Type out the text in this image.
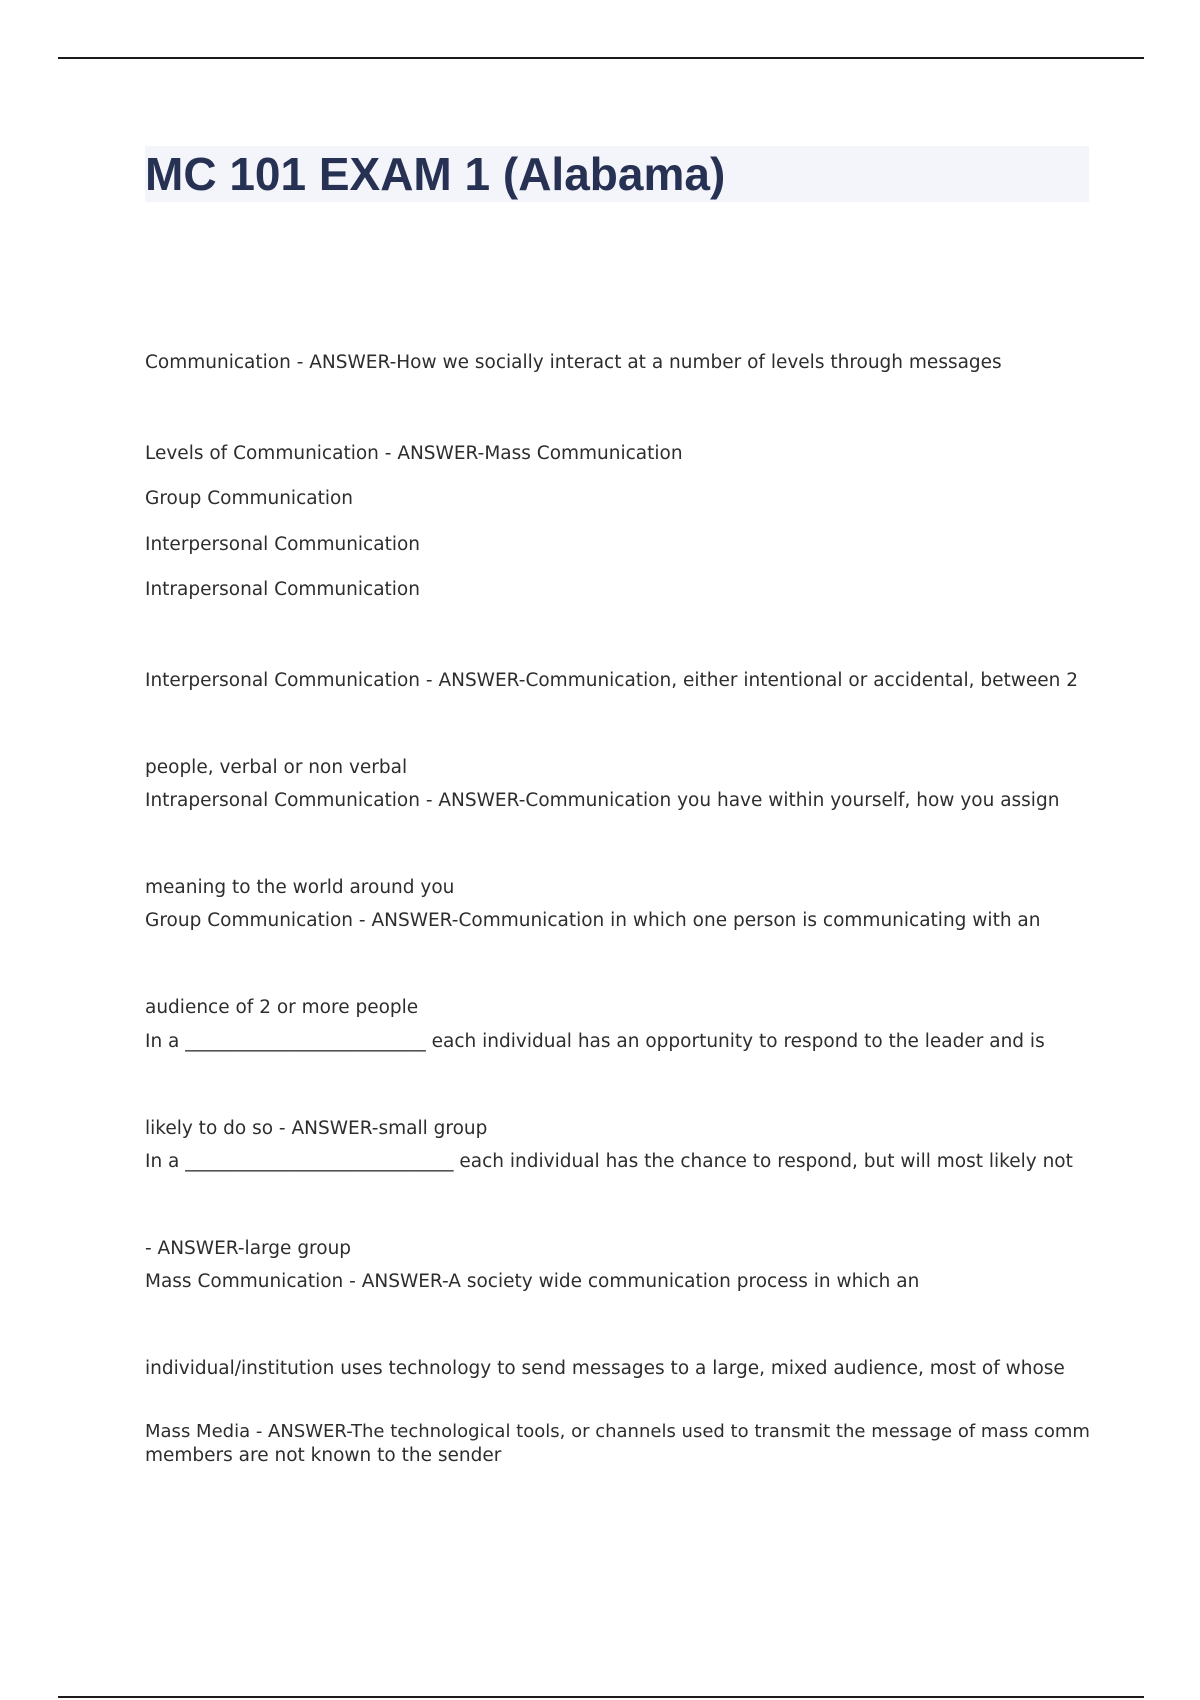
MC 101 EXAM 1 (Alabama)

Communication - ANSWER-How we socially interact at a number of levels through messages

Levels of Communication - ANSWER-Mass Communication

Group Communication

Interpersonal Communication

Intrapersonal Communication

Interpersonal Communication - ANSWER-Communication, either intentional or accidental, between 2

people, verbal or non verbal

Intrapersonal Communication - ANSWER-Communication you have within yourself, how you assign

meaning to the world around you

Group Communication - ANSWER-Communication in which one person is communicating with an

audience of 2 or more people

In a __________________________ each individual has an opportunity to respond to the leader and is

likely to do so - ANSWER-small group

In a _____________________________ each individual has the chance to respond, but will most likely not

- ANSWER-large group

Mass Communication - ANSWER-A society wide communication process in which an

individual/institution uses technology to send messages to a large, mixed audience, most of whose

members are not known to the sender

Mass Media - ANSWER-The technological tools, or channels used to transmit the message of mass comm
